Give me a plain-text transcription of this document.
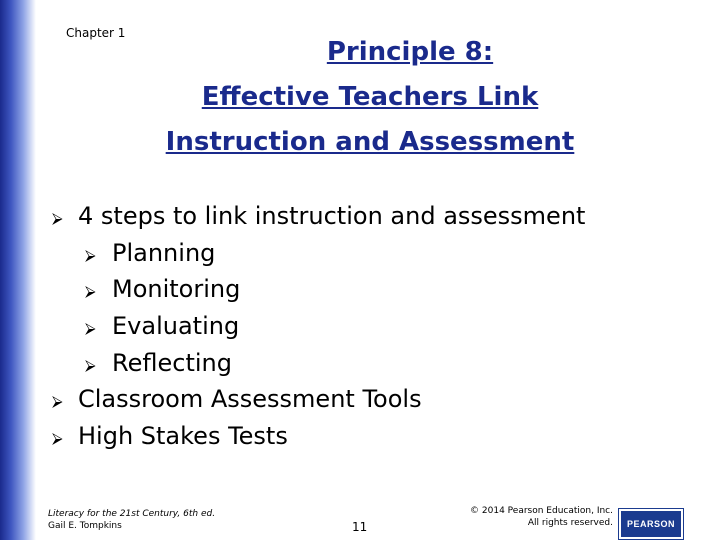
Chapter 1
Principle 8:
Effective Teachers Link
Instruction and Assessment
⮚ 4 steps to link instruction and assessment
⮚ Planning
⮚ Monitoring
⮚ Evaluating
⮚ Reflecting
⮚ Classroom Assessment Tools
⮚ High Stakes Tests
Literacy for the 21st Century, 6th ed.
Gail E. Tompkins	11
© 2014 Pearson Education, Inc.
All rights reserved.	PEARSON
